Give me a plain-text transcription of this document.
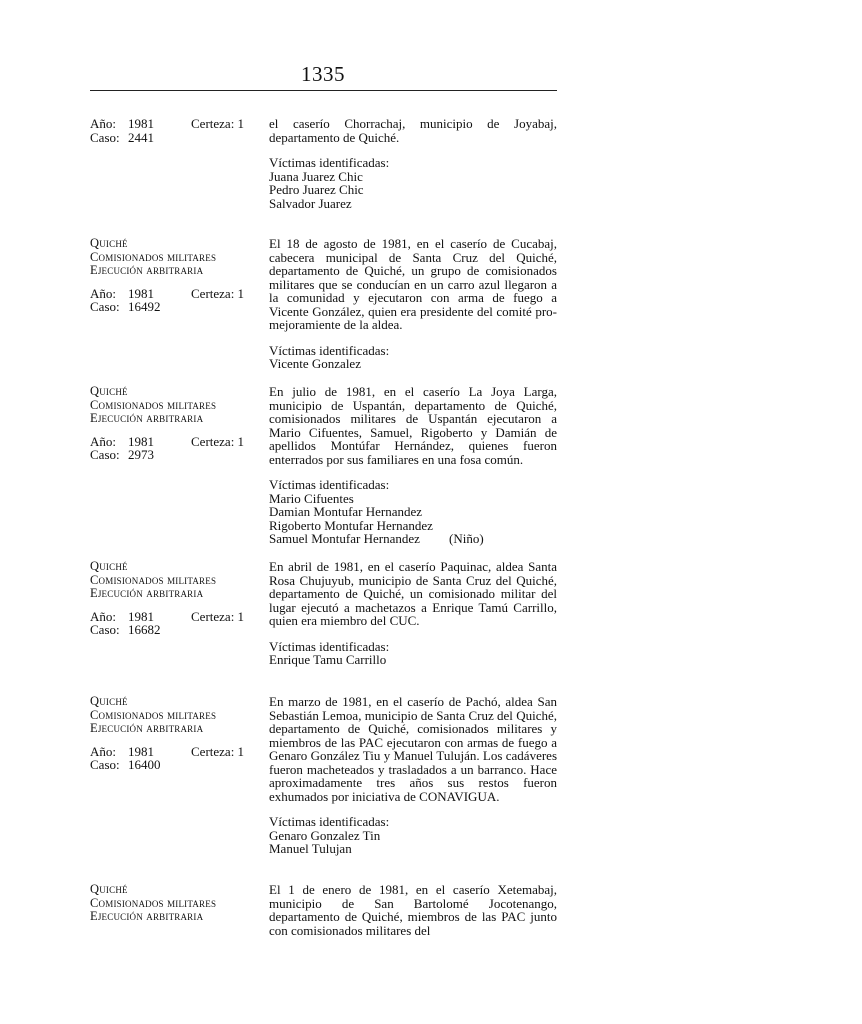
1335
Año: 1981	Certeza: 1
Caso: 2441
el caserío Chorrachaj, municipio de Joyabaj, departamento de Quiché.
Víctimas identificadas:
Juana Juarez Chic
Pedro Juarez Chic
Salvador Juarez
Quiché
Comisionados militares
Ejecución arbitraria
Año: 1981	Certeza: 1
Caso: 16492
El 18 de agosto de 1981, en el caserío de Cucabaj, cabecera municipal de Santa Cruz del Quiché, departamento de Quiché, un grupo de comisionados militares que se conducían en un carro azul llegaron a la comunidad y ejecutaron con arma de fuego a Vicente González, quien era presidente del comité pro-mejoramiente de la aldea.
Víctimas identificadas:
Vicente Gonzalez
Quiché
Comisionados militares
Ejecución arbitraria
Año: 1981	Certeza: 1
Caso: 2973
En julio de 1981, en el caserío La Joya Larga, municipio de Uspantán, departamento de Quiché, comisionados militares de Uspantán ejecutaron a Mario Cifuentes, Samuel, Rigoberto y Damián de apellidos Montúfar Hernández, quienes fueron enterrados por sus familiares en una fosa común.
Víctimas identificadas:
Mario Cifuentes
Damian Montufar Hernandez
Rigoberto Montufar Hernandez
Samuel Montufar Hernandez (Niño)
Quiché
Comisionados militares
Ejecución arbitraria
Año: 1981	Certeza: 1
Caso: 16682
En abril de 1981, en el caserío Paquinac, aldea Santa Rosa Chujuyub, municipio de Santa Cruz del Quiché, departamento de Quiché, un comisionado militar del lugar ejecutó a machetazos a Enrique Tamú Carrillo, quien era miembro del CUC.
Víctimas identificadas:
Enrique Tamu Carrillo
Quiché
Comisionados militares
Ejecución arbitraria
Año: 1981	Certeza: 1
Caso: 16400
En marzo de 1981, en el caserío de Pachó, aldea San Sebastián Lemoa, municipio de Santa Cruz del Quiché, departamento de Quiché, comisionados militares y miembros de las PAC ejecutaron con armas de fuego a Genaro González Tiu y Manuel Tuluján. Los cadáveres fueron macheteados y trasladados a un barranco. Hace aproximadamente tres años sus restos fueron exhumados por iniciativa de CONAVIGUA.
Víctimas identificadas:
Genaro Gonzalez Tin
Manuel Tulujan
Quiché
Comisionados militares
Ejecución arbitraria
El 1 de enero de 1981, en el caserío Xetemabaj, municipio de San Bartolomé Jocotenango, departamento de Quiché, miembros de las PAC junto con comisionados militares del
